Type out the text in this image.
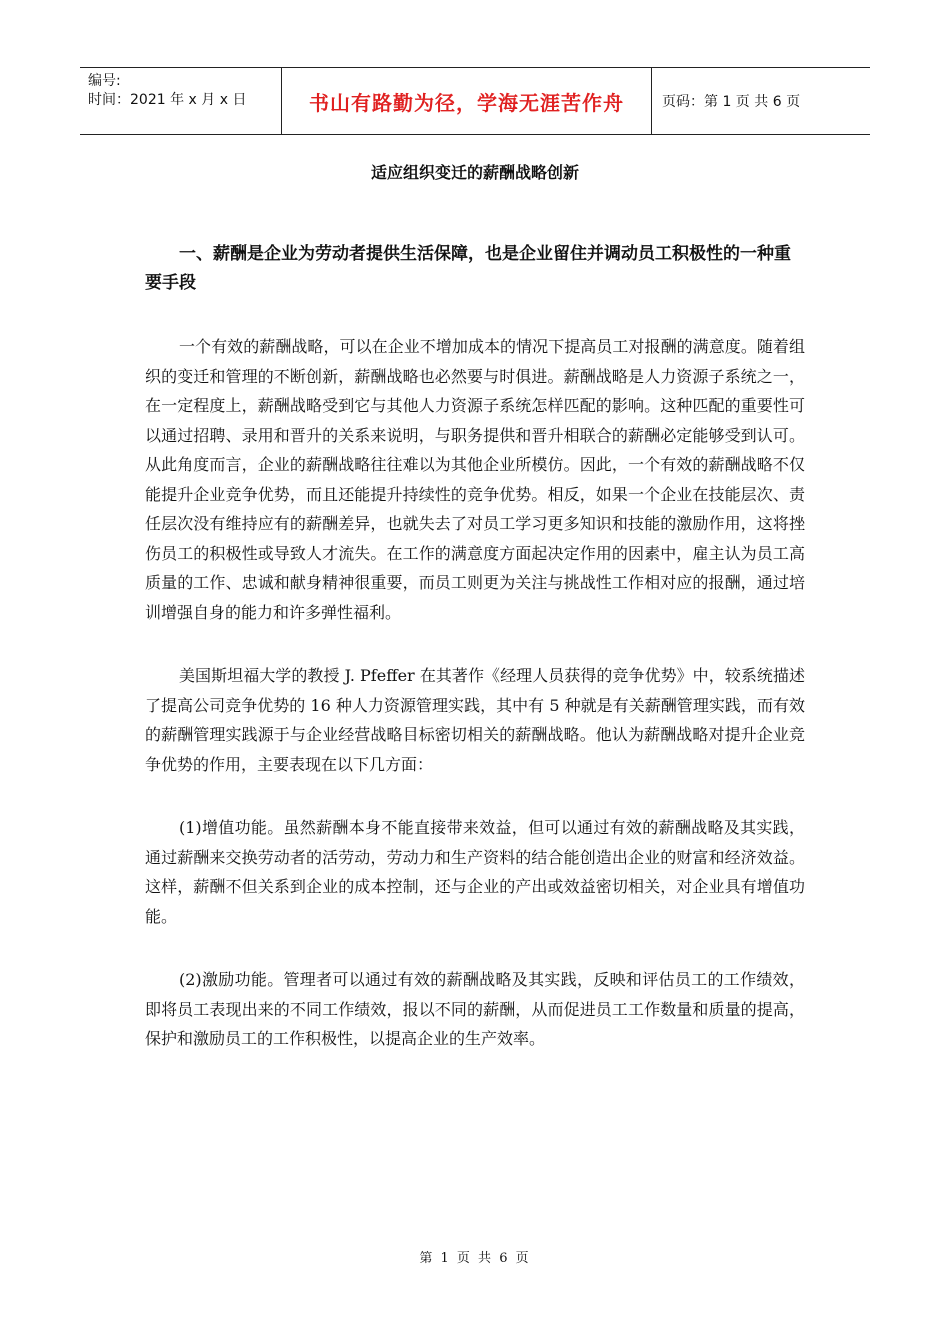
编号:
时间：2021 年 x 月 x 日	书山有路勤为径，学海无涯苦作舟	页码：第 1 页 共 6 页
适应组织变迁的薪酬战略创新

一、薪酬是企业为劳动者提供生活保障，也是企业留住并调动员工积极性的一种重要手段

一个有效的薪酬战略，可以在企业不增加成本的情况下提高员工对报酬的满意度。随着组织的变迁和管理的不断创新，薪酬战略也必然要与时俱进。薪酬战略是人力资源子系统之一，在一定程度上，薪酬战略受到它与其他人力资源子系统怎样匹配的影响。这种匹配的重要性可以通过招聘、录用和晋升的关系来说明，与职务提供和晋升相联合的薪酬必定能够受到认可。从此角度而言，企业的薪酬战略往往难以为其他企业所模仿。因此，一个有效的薪酬战略不仅能提升企业竞争优势，而且还能提升持续性的竞争优势。相反，如果一个企业在技能层次、责任层次没有维持应有的薪酬差异，也就失去了对员工学习更多知识和技能的激励作用，这将挫伤员工的积极性或导致人才流失。在工作的满意度方面起决定作用的因素中，雇主认为员工高质量的工作、忠诚和献身精神很重要，而员工则更为关注与挑战性工作相对应的报酬，通过培训增强自身的能力和许多弹性福利。

美国斯坦福大学的教授 J. Pfeffer 在其著作《经理人员获得的竞争优势》中，较系统描述了提高公司竞争优势的 16 种人力资源管理实践，其中有 5 种就是有关薪酬管理实践，而有效的薪酬管理实践源于与企业经营战略目标密切相关的薪酬战略。他认为薪酬战略对提升企业竞争优势的作用，主要表现在以下几方面：

(1)增值功能。虽然薪酬本身不能直接带来效益，但可以通过有效的薪酬战略及其实践，通过薪酬来交换劳动者的活劳动，劳动力和生产资料的结合能创造出企业的财富和经济效益。这样，薪酬不但关系到企业的成本控制，还与企业的产出或效益密切相关，对企业具有增值功能。

(2)激励功能。管理者可以通过有效的薪酬战略及其实践，反映和评估员工的工作绩效，即将员工表现出来的不同工作绩效，报以不同的薪酬，从而促进员工工作数量和质量的提高，保护和激励员工的工作积极性，以提高企业的生产效率。

第 1 页 共 6 页
